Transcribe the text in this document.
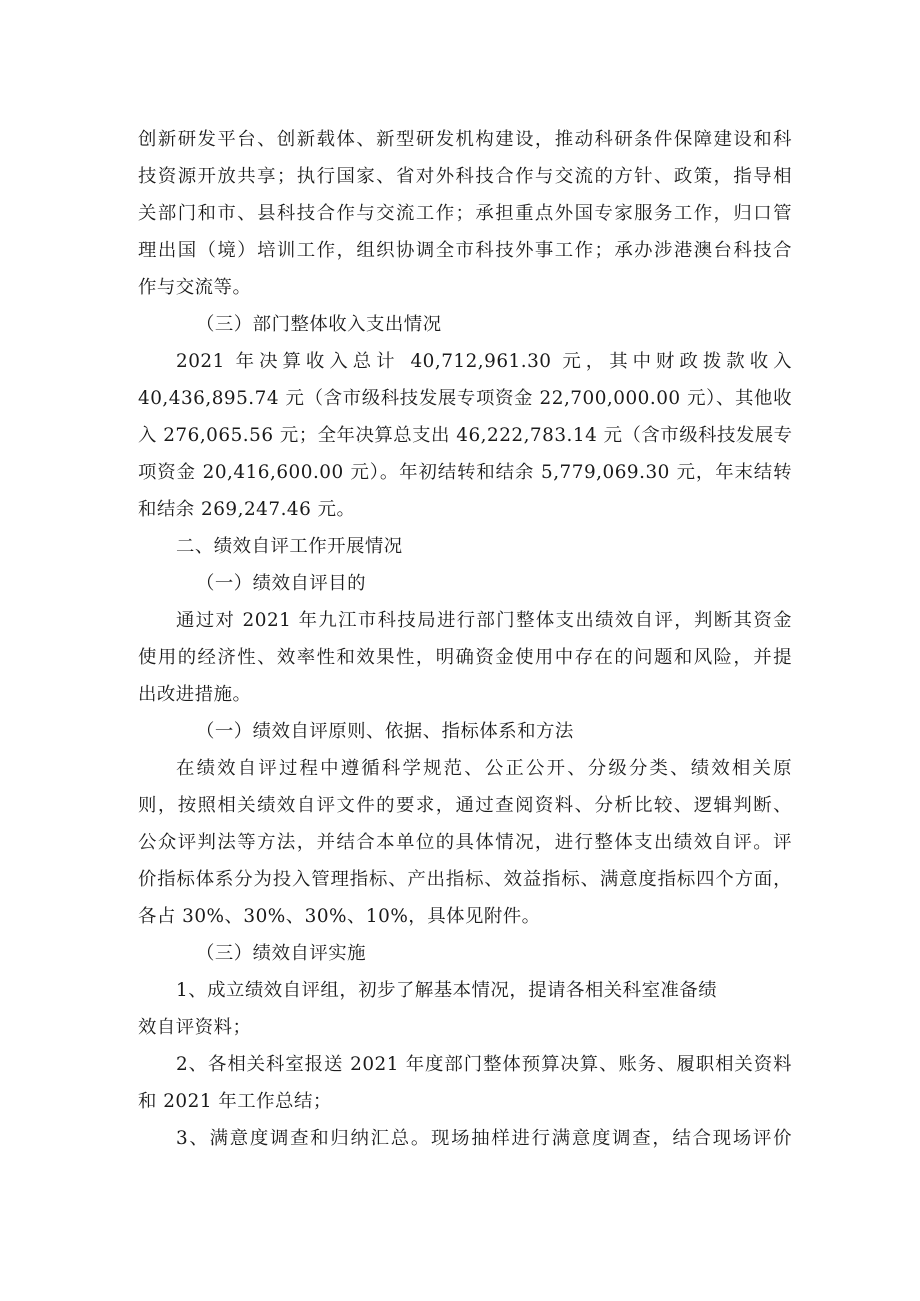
创新研发平台、创新载体、新型研发机构建设，推动科研条件保障建设和科
技资源开放共享；执行国家、省对外科技合作与交流的方针、政策，指导相
关部门和市、县科技合作与交流工作；承担重点外国专家服务工作，归口管
理出国（境）培训工作，组织协调全市科技外事工作；承办涉港澳台科技合
作与交流等。
（三）部门整体收入支出情况
2021 年决算收入总计 40,712,961.30 元，其中财政拨款收入
40,436,895.74 元（含市级科技发展专项资金 22,700,000.00 元）、其他收
入 276,065.56 元；全年决算总支出 46,222,783.14 元（含市级科技发展专
项资金 20,416,600.00 元）。年初结转和结余 5,779,069.30 元，年末结转
和结余 269,247.46 元。
二、绩效自评工作开展情况
（一）绩效自评目的
通过对 2021 年九江市科技局进行部门整体支出绩效自评，判断其资金
使用的经济性、效率性和效果性，明确资金使用中存在的问题和风险，并提
出改进措施。
（一）绩效自评原则、依据、指标体系和方法
在绩效自评过程中遵循科学规范、公正公开、分级分类、绩效相关原
则，按照相关绩效自评文件的要求，通过查阅资料、分析比较、逻辑判断、
公众评判法等方法，并结合本单位的具体情况，进行整体支出绩效自评。评
价指标体系分为投入管理指标、产出指标、效益指标、满意度指标四个方面，
各占 30%、30%、30%、10%，具体见附件。
（三）绩效自评实施
1、成立绩效自评组，初步了解基本情况，提请各相关科室准备绩
效自评资料；
2、各相关科室报送 2021 年度部门整体预算决算、账务、履职相关资料
和 2021 年工作总结；
3、满意度调查和归纳汇总。现场抽样进行满意度调查，结合现场评价
